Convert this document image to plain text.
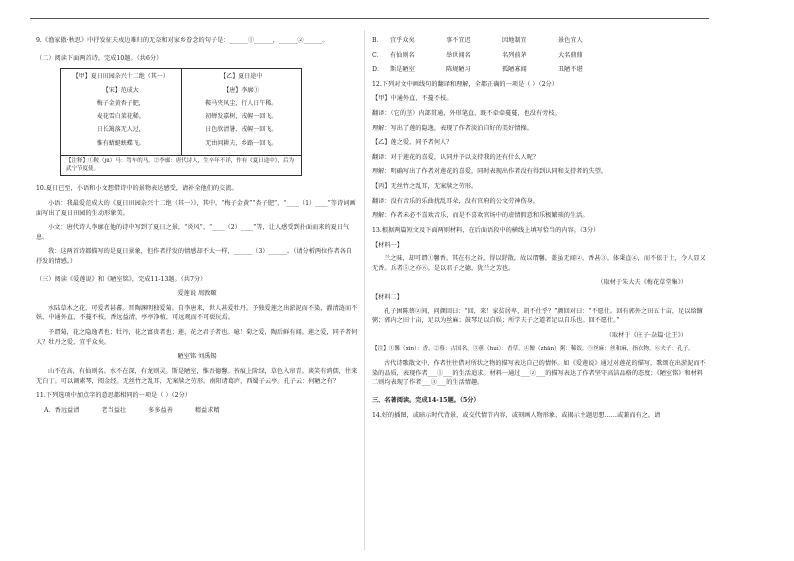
9.《渔家傲·秋思》中抒发征夫戍边难归的无奈和对家乡眷念的句子是：______①______，______②______。

（二）阅读下面两首诗，完成10题。（共6分）

【甲】夏日田园杂兴十二绝（其一）
【宋】范成大
梅子金黄杏子肥，
麦花雪白菜花稀。
日长篱落无人过，
惟有蜻蜓蛱蝶飞。
【乙】夏日途中
【唐】李廓①
鞍马夹风尘，行人日午稀。
初蝉发嘉树，戎幄一回飞。
日色欣清暑，戎幄一回飞。
无由问耕夫，乡路一回飞。
【注释】①鞍（jū）马：驾车的马。②李廓：唐代诗人，生卒年不详，作有《夏日途中》，后为武宁节度使。

10.夏日已至，小语和小文想借诗中的景物表达感受，请补全他们的交流。

小语：我最爱范成大的《夏日田园杂兴十二绝（其一）》，其中，“梅子金黄”“杏子肥”、“____（1）____”等诗词画面写出了夏日田园的生动形象美。

小文：唐代诗人李廓在他的诗中写到了夏日之景，“炎风”、“____（2）____”等，让人感受到扑面而来的夏日气息。

我：这两首诗都描写的是夏日景象，但作者抒发的情感却不太一样，______（3）______。（请分析两位作者各自抒发的情感。）

（三）阅读《爱莲说》和《陋室铭》，完成11-13题。（共7分）

爱莲说 周敦颐

水陆草木之花，可爱者甚蕃。晋陶渊明独爱菊。自李唐来，世人甚爱牡丹。予独爱莲之出淤泥而不染，濯清涟而不妖，中通外直，不蔓不枝，香远益清，亭亭净植，可远观而不可亵玩焉。

予谓菊，花之隐逸者也；牡丹，花之富贵者也；莲，花之君子者也。噫！菊之爱，陶后鲜有闻。莲之爱，同予者何人？牡丹之爱，宜乎众矣。

陋室铭 刘禹锡

山不在高，有仙则名。水不在深，有龙则灵。斯是陋室，惟吾德馨。苔痕上阶绿，草色入帘青。谈笑有鸿儒，往来无白丁。可以调素琴，阅金经。无丝竹之乱耳，无案牍之劳形。南阳诸葛庐，西蜀子云亭。孔子云：何陋之有？

11.下列选项中加点字的意思都相同的一项是（ ）（2分）

A．香远益清	老当益壮	多多益善	精益求精
B．	宜乎众矣	事不宜迟	因地制宜	景色宜人
C．	有仙则名	举世闻名	名列前茅	大名鼎鼎
D．	斯是陋室	陈规陋习	孤陋寡闻	丑陋不堪

12.下列对文中画线句的翻译和理解，全都正确的一项是（ ）（2分）

【甲】中通外直，不蔓不枝。

翻译：（它的茎）内部贯通，外形笔直，既不牵牵蔓蔓，也没有旁枝。

理解：写出了莲的隐逸，表现了作者淡泊自好的美好情操。

【乙】莲之爱，同予者何人？

翻译：对于莲花的喜爱，认同并予以支持我的还有什么人呢？

理解：明确写出了作者对莲花的喜爱，同时表现出作者没有得到认同和支持者的失望。

【丙】无丝竹之乱耳，无案牍之劳形。

翻译：没有音乐的乐曲扰乱耳朵，没有官府的公文劳神伤身。

理解：作者未必不喜欢音乐，而是不喜欢官场中的虚情假意和乐极繁琐的生活。

13.根据两篇短文及下面两则材料，在后面语段中的横线上填写恰当的内容。（3分）

【材料一】

兰之味，却可谓①馨香。其在有之谷，得以舒散，故以谓馨。盖虽无闻②，香甚③。体秉直④，而不依于土，令人显又无香。兵者⑤之亦⑥。是以君子之德，犹兰之芳也。

（取材于朱大夫《梅花草堂集》）

【材料二】

孔子困陈蔡②间，问颜回曰：“回，来！家贫居卑，胡不仕乎？”颜回对曰：“不愿仕。回有郭外之田五十亩，足以给饘粥；郭内之田十亩，足以为丝麻；鼓琴足以自娱；所学夫子之道者足以自乐也。回不愿仕。”

（取材于《庄子·杂篇·让王》）

【注】①馨（xīn）：香。②蔡：古国名。③蕙（huì）：香草。④饘（zhān）粥：稀饭。⑤丝麻：丝和麻，指衣物。⑥夫子：孔子。

古代诗歌散文中，作者往往借对所状之物的描写表达自己的情怀。如《爱莲说》通过对莲花的描写，歌颂在出淤泥而不染的品质，表现作者___①___的生活追求。材料一通过___②___的描写表达了作者坚守高洁品格的态度；《陋室铭》和材料二则均表现了作者___③___的生活情趣。

三、名著阅读。完成14-15题。（5分）

14.好的插图，或暗示时代背景，或交代情节内容，或刻画人物形象，或揭示主题思想……或兼而有之。请
